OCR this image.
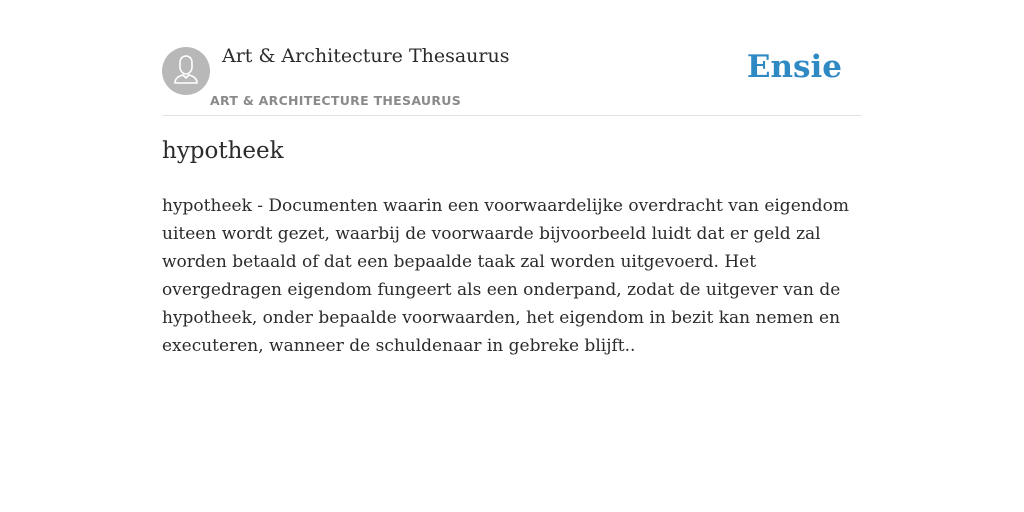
Art & Architecture Thesaurus
ART & ARCHITECTURE THESAURUS
Ensie
hypotheek

hypotheek - Documenten waarin een voorwaardelijke overdracht van eigendom uiteen wordt gezet, waarbij de voorwaarde bijvoorbeeld luidt dat er geld zal worden betaald of dat een bepaalde taak zal worden uitgevoerd. Het overgedragen eigendom fungeert als een onderpand, zodat de uitgever van de hypotheek, onder bepaalde voorwaarden, het eigendom in bezit kan nemen en executeren, wanneer de schuldenaar in gebreke blijft..
